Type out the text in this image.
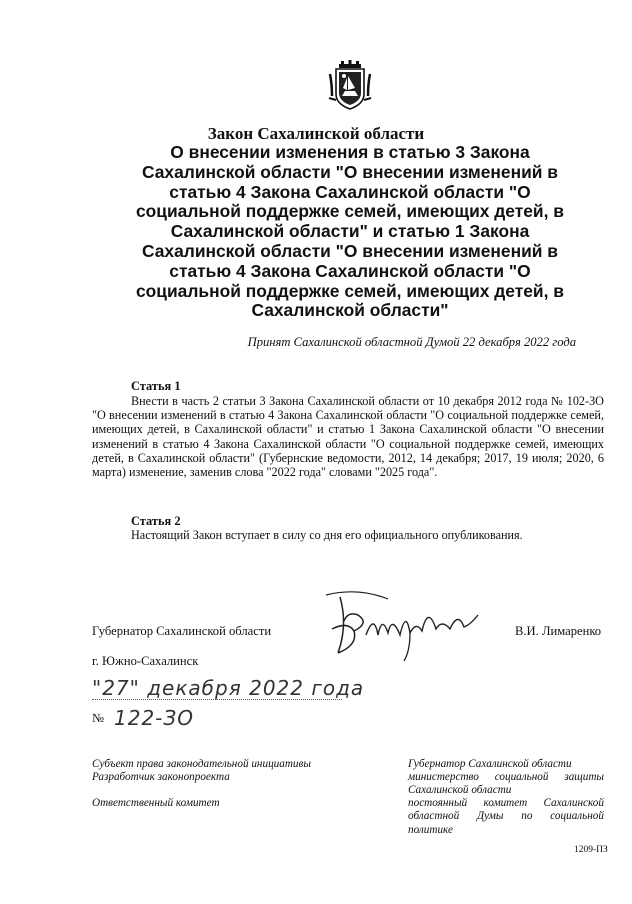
Закон Сахалинской области

О внесении изменения в статью 3 Закона
Сахалинской области "О внесении изменений в
статью 4 Закона Сахалинской области "О
социальной поддержке семей, имеющих детей, в
Сахалинской области" и статью 1 Закона
Сахалинской области "О внесении изменений в
статью 4 Закона Сахалинской области "О
социальной поддержке семей, имеющих детей, в
Сахалинской области"
Принят Сахалинской областной Думой 22 декабря 2022 года
Статья 1
Внести в часть 2 статьи 3 Закона Сахалинской области от 10 декабря 2012 года № 102-ЗО "О внесении изменений в статью 4 Закона Сахалинской области "О социальной поддержке семей, имеющих детей, в Сахалинской области" и статью 1 Закона Сахалинской области "О внесении изменений в статью 4 Закона Сахалинской области "О социальной поддержке семей, имеющих детей, в Сахалинской области" (Губернские ведомости, 2012, 14 декабря; 2017, 19 июля; 2020, 6 марта) изменение, заменив слова "2022 года" словами "2025 года".
Статья 2
Настоящий Закон вступает в силу со дня его официального опубликования.
Губернатор Сахалинской области	В.И. Лимаренко
г. Южно-Сахалинск
"27" декабря 2022 года
№ 122-ЗО
Субъект права законодательной инициативы
Разработчик законопроекта
Ответственный комитет
Губернатор Сахалинской области
министерство социальной защиты Сахалинской области
постоянный комитет Сахалинской областной Думы по социальной политике
1209-ПЗ
